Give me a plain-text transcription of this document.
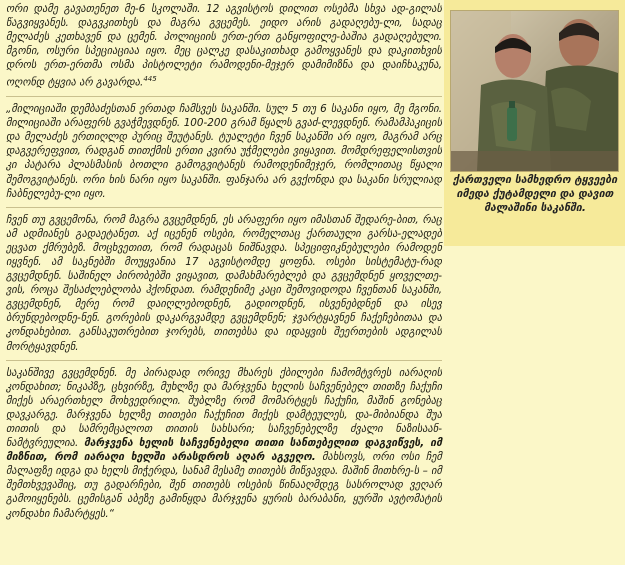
ორი დამე გავათენეთ მე-6 სკოლაში. 12 აგვისტოს დილით ოსებმა სხვა ად-გილას წაგვიყვანეს. დაგვკითხეს და მაგრა გვცემეს. ეიდო არის გადაღებუ-ლი, სადაც მელაძეს კეთხავენ და ცემენ. პოლიციის ერთ-ერთ განყოფილე-ბაშია გადაღებული. მგონი, ოსური სპეციაციაა იყო. მეც ცალკე დასაკითხად გამოყვანეს და დაკითხვის დროს ერთ-ერთმა ოსმა პისტოლეტი რამოდენი-მეჯერ დამიმიზნა და დაიჩხაკუნა, ოღონდ ტყვია არ გავარდა.$^{445}$

„მილიციაში დემბაძესთან ერთად ჩამსვეს საკანში. სულ 5 თუ 6 საკანი იყო, მე მგონი. მილიციაში არაფერს გვაჭმევდნენ. 100-200 გრამ წყალს გვაძ-ლევდნენ. რამამჰაკიცის და მელაძეს ერთიღლდ პურიც შეუტანეს. ტუალეტი ჩვენ საკანში არ იყო, მაგრამ არც დაგვერეფვით, რადგან თითქმის ერთი კვირა უჭმელები ვიყავით. მომდრეფელისთვის კი პატარა პლასმასის ბოთლი გამოგვიტანეს რამოდენიმეჯერ, რომლითაც წყალი შემოგვიტანეს. ორი ხის ნარი იყო საკანში. ფანჯარა არ გვქონდა და საკანი სრულიად ჩაბნელებუ-ლი იყო.

ჩვენ თუ გვცემონა, რომ მაგრა გვცემდნენ, ეს არაფერი იყო იმასთან შედარე-ბით, რაც ამ ადმიანეს გადაეტანეთ. აქ იცენენ ოსები, რომელთაც ქართაული გარსა-ელადებ ეცვათ ქმრუბეზ. მოცხვეთით, რომ რადაცას ნიშნავდა. სპეციფიკნებულები რამოდენ იყვნენ. ამ საკნებში მოუყვანია 17 აგვისტომდე ყოფნა. ოსები სისტემატუ-რად გვცემდნენ. საშინელ პირობებში ვიყავით, დამახმარებლებ და გვცემდნენ ყოველთე-ვის, როცა შესაძლებლობა ჰქონდათ. რამდენიმე კაცი შემოვიდოდა ჩვენთან საკანში, გვცემდნენ, მერე რომ დაიღლებოდნენ, გადიოდნენ, ისვენებდნენ და ისევ ბრუნდებოდნე-ნენ. გორების დაკარგვამდე გვცემდნენ; ჯვარტყავნენ ჩაქეჩებითაა და კონდახებით. განსაკუთრებით ჯორებს, თითებსა და იდაყვის შეერთების ადგილას მორტყავდნენ.

საკანშივე გვცემდნენ. მე პირადად ორივე მხარეს ქბილები ჩამომტვრეს იარაღის კონდახით; ნიკაპზე, ცხვირზე, მუხლზე და მარჯვენა ხელის საჩვენებელ თითზე ჩაქუჩი მიქეს არაერთხელ მოხვედრილი. შუბლზე რომ მომარტყეს ჩაქუჩი, მაშინ გონებაც დავკარგე. მარჯვენა ხელზე თითები ჩაქუჩით მიქეს დამტეულეს, და-მიბიანდა შუა თითის და სამრემცალოთ თითის სახსარი; საჩვენებელზე ძვალი ნაზისაან-ნამტვრეულია. მარჯვენა ხელის საჩვენებელი თითი სანთებელით დაგვიწვეს, იმ მიზნით, რომ იარაღი ხელში არასდროს აღარ აგვეღო. მახსოვს, ორი ოსი ჩემ მალაფზე იდგა და ხელს მიჭერდა, სანამ მესამე თითებს მიწვავდა. მაშინ მითხრე-ს – იმ შემთხვევაშიც, თუ გადარჩები, შენ თითებს ოსების წინააღმდეგ სასროლად ვეღარ გამოიყენებს. ცემისგან აბეზე გამინყდა მარჯვენა ყურის ბარაბანი, ყურში ავტომატის კონდახი ჩამარტყეს.“

ქართველი სამხედრო ტყვეები იმედა ქუტამდელი და დავით მალაშინი საკანში.
